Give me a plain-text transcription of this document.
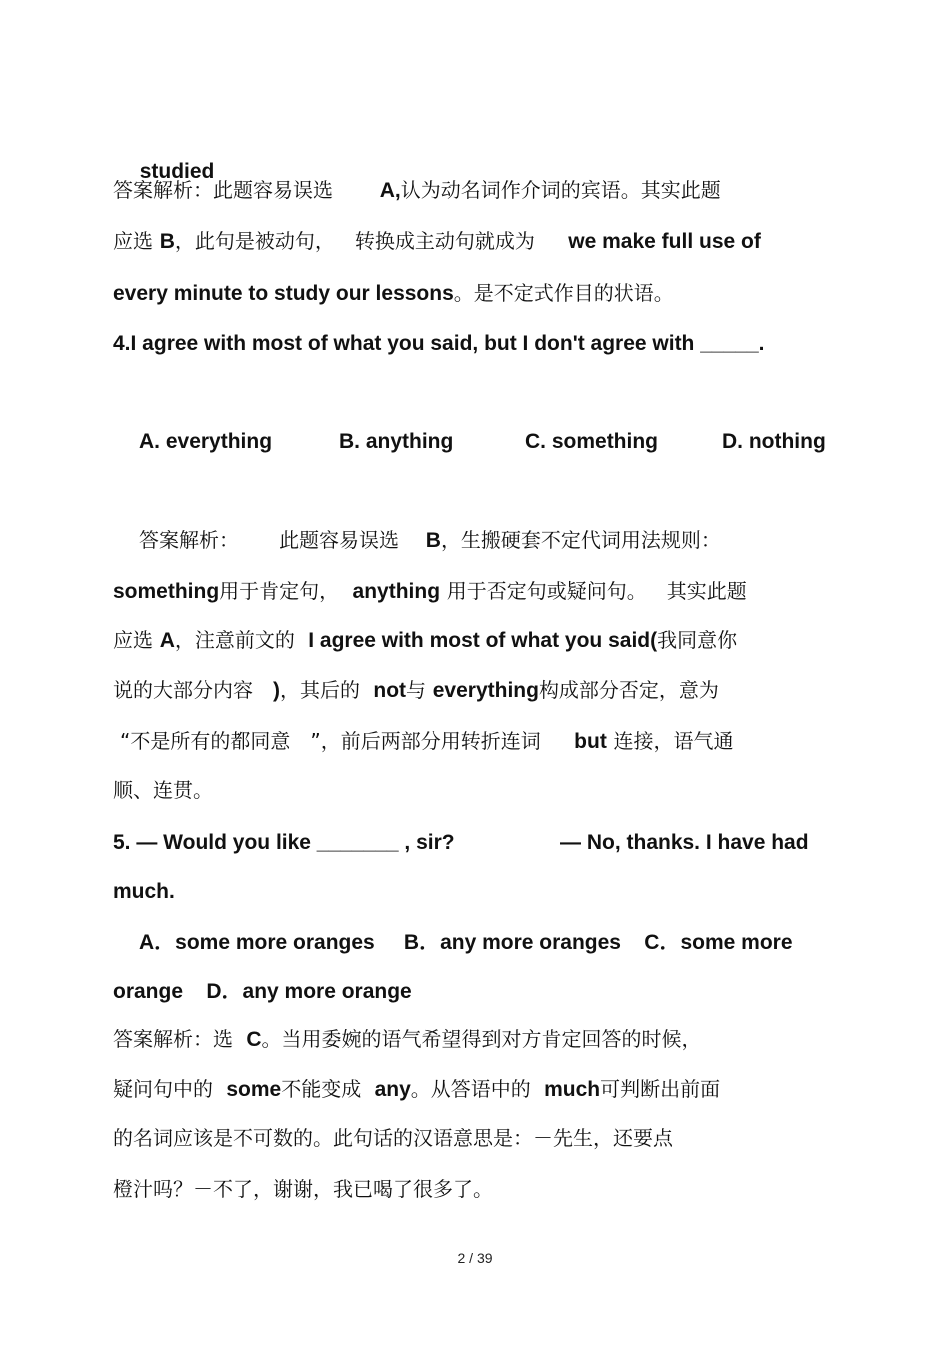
studied

答案解析：此题容易误选 A,认为动名词作介词的宾语。其实此题
应选 B，此句是被动句， 转换成主动句就成为 we make full use of
every minute to study our lessons。是不定式作目的状语。
4.I agree with most of what you said, but I don't agree with _____.
A. everything	B. anything	C. something	D. nothing
答案解析： 此题容易误选 B，生搬硬套不定代词用法规则：
something用于肯定句， anything 用于否定句或疑问句。 其实此题
应选 A，注意前文的 I agree with most of what you said(我同意你
说的大部分内容 )，其后的 not与 everything构成部分否定，意为
“不是所有的都同意 ”，前后两部分用转折连词 but 连接，语气通
顺、连贯。
5. — Would you like _______ , sir?	— No, thanks. I have had
much.
A．some more oranges     B．any more oranges    C．some more
orange    D．any more orange
答案解析：选 C。当用委婉的语气希望得到对方肯定回答的时候，
疑问句中的 some不能变成 any。从答语中的 much可判断出前面
的名词应该是不可数的。此句话的汉语意思是：－先生，还要点
橙汁吗？－不了，谢谢，我已喝了很多了。
2 / 39
